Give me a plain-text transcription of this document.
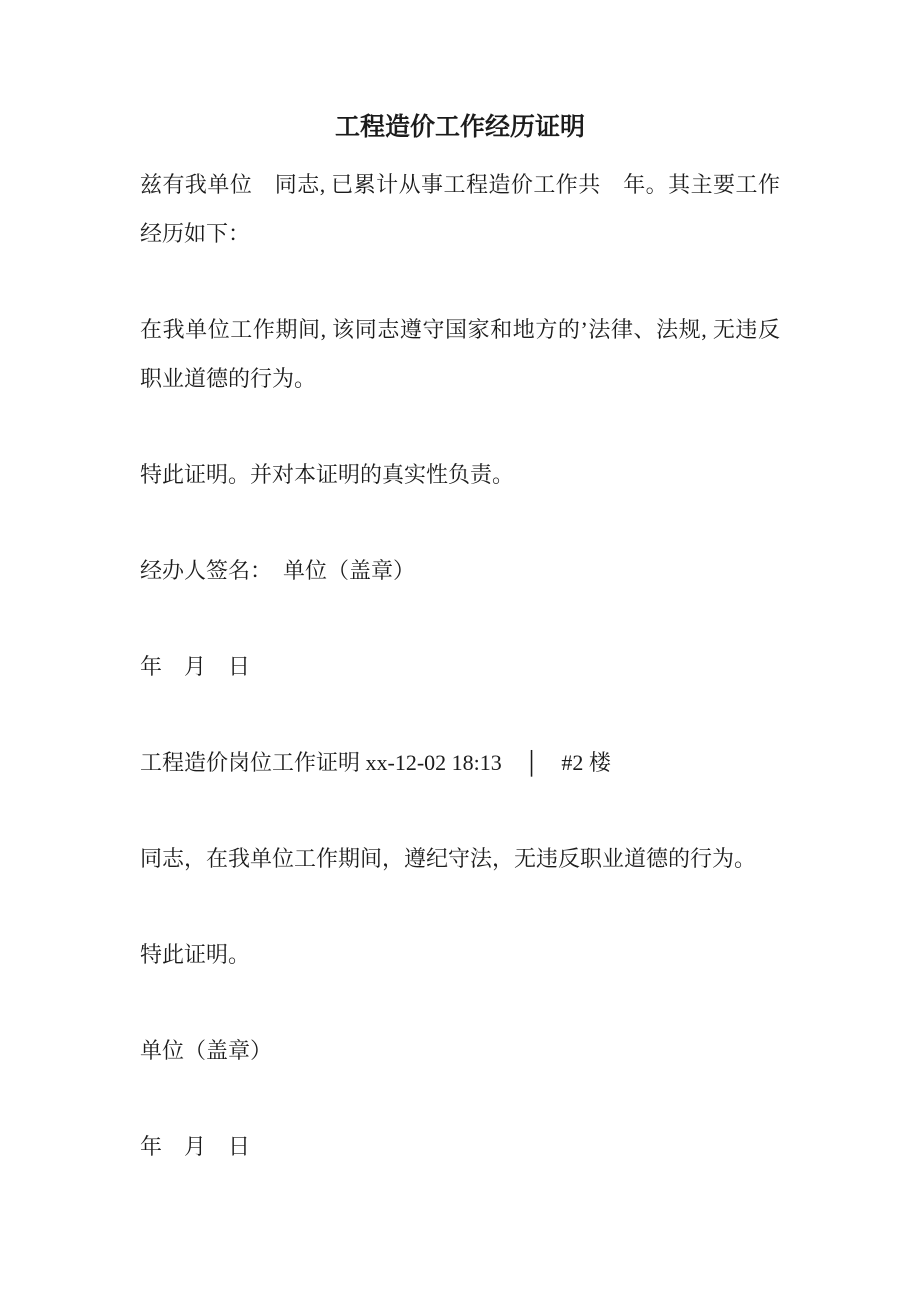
工程造价工作经历证明

兹有我单位　同志, 已累计从事工程造价工作共　年。其主要工作经历如下：

在我单位工作期间, 该同志遵守国家和地方的’法律、法规, 无违反职业道德的行为。

特此证明。并对本证明的真实性负责。

经办人签名：　单位（盖章）

年　月　日

工程造价岗位工作证明 xx-12-02 18:13　│　#2 楼

同志，在我单位工作期间，遵纪守法，无违反职业道德的行为。

特此证明。

单位（盖章）

年　月　日
